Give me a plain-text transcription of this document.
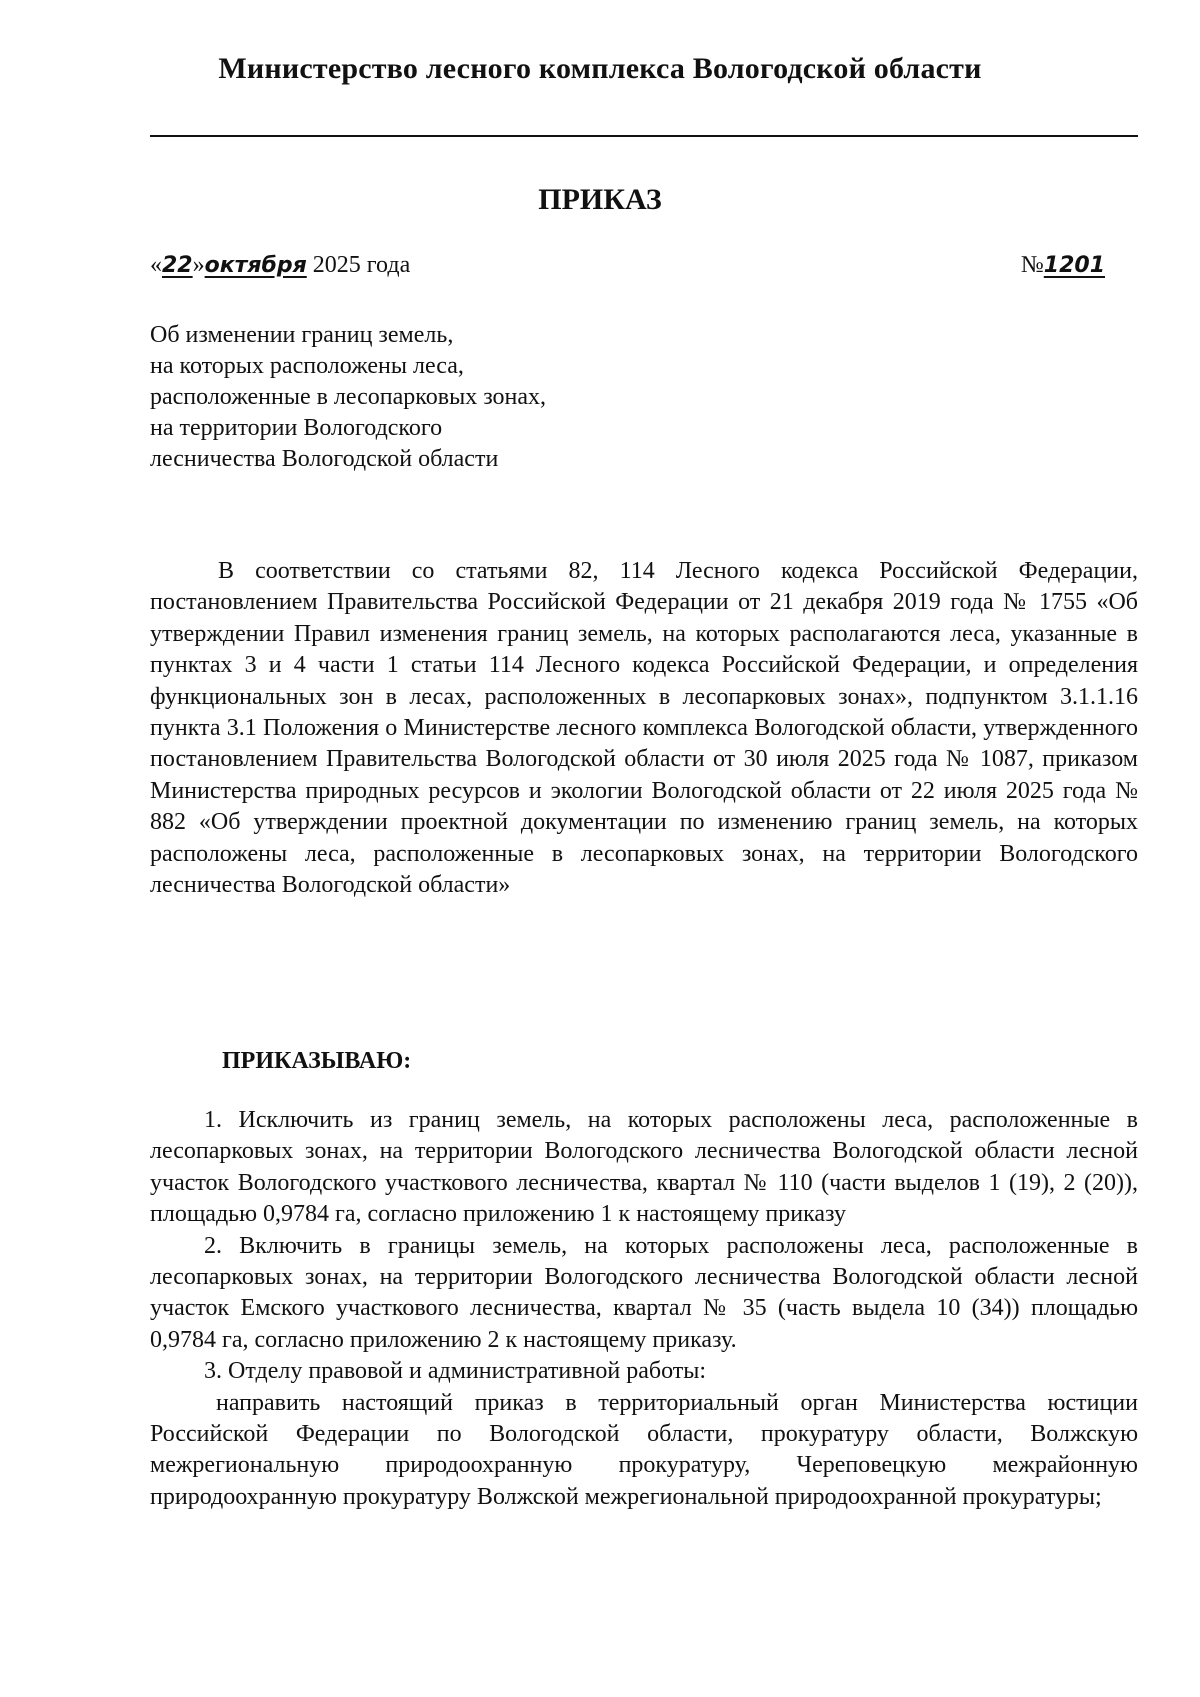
Министерство лесного комплекса Вологодской области
ПРИКАЗ
«22»октября 2025 года	№1201
Об изменении границ земель,
на которых расположены леса,
расположенные в лесопарковых зонах,
на территории Вологодского
лесничества Вологодской области
В соответствии со статьями 82, 114 Лесного кодекса Российской Федерации, постановлением Правительства Российской Федерации от 21 декабря 2019 года № 1755 «Об утверждении Правил изменения границ земель, на которых располагаются леса, указанные в пунктах 3 и 4 части 1 статьи 114 Лесного кодекса Российской Федерации, и определения функциональных зон в лесах, расположенных в лесопарковых зонах», подпунктом 3.1.1.16 пункта 3.1 Положения о Министерстве лесного комплекса Вологодской области, утвержденного постановлением Правительства Вологодской области от 30 июля 2025 года № 1087, приказом Министерства природных ресурсов и экологии Вологодской области от 22 июля 2025 года № 882 «Об утверждении проектной документации по изменению границ земель, на которых расположены леса, расположенные в лесопарковых зонах, на территории Вологодского лесничества Вологодской области»
ПРИКАЗЫВАЮ:

1. Исключить из границ земель, на которых расположены леса, расположенные в лесопарковых зонах, на территории Вологодского лесничества Вологодской области лесной участок Вологодского участкового лесничества, квартал № 110 (части выделов 1 (19), 2 (20)), площадью 0,9784 га, согласно приложению 1 к настоящему приказу

2. Включить в границы земель, на которых расположены леса, расположенные в лесопарковых зонах, на территории Вологодского лесничества Вологодской области лесной участок Емского участкового лесничества, квартал № 35 (часть выдела 10 (34)) площадью 0,9784 га, согласно приложению 2 к настоящему приказу.

3. Отделу правовой и административной работы:

направить настоящий приказ в территориальный орган Министерства юстиции Российской Федерации по Вологодской области, прокуратуру области, Волжскую межрегиональную природоохранную прокуратуру, Череповецкую межрайонную природоохранную прокуратуру Волжской межрегиональной природоохранной прокуратуры;
